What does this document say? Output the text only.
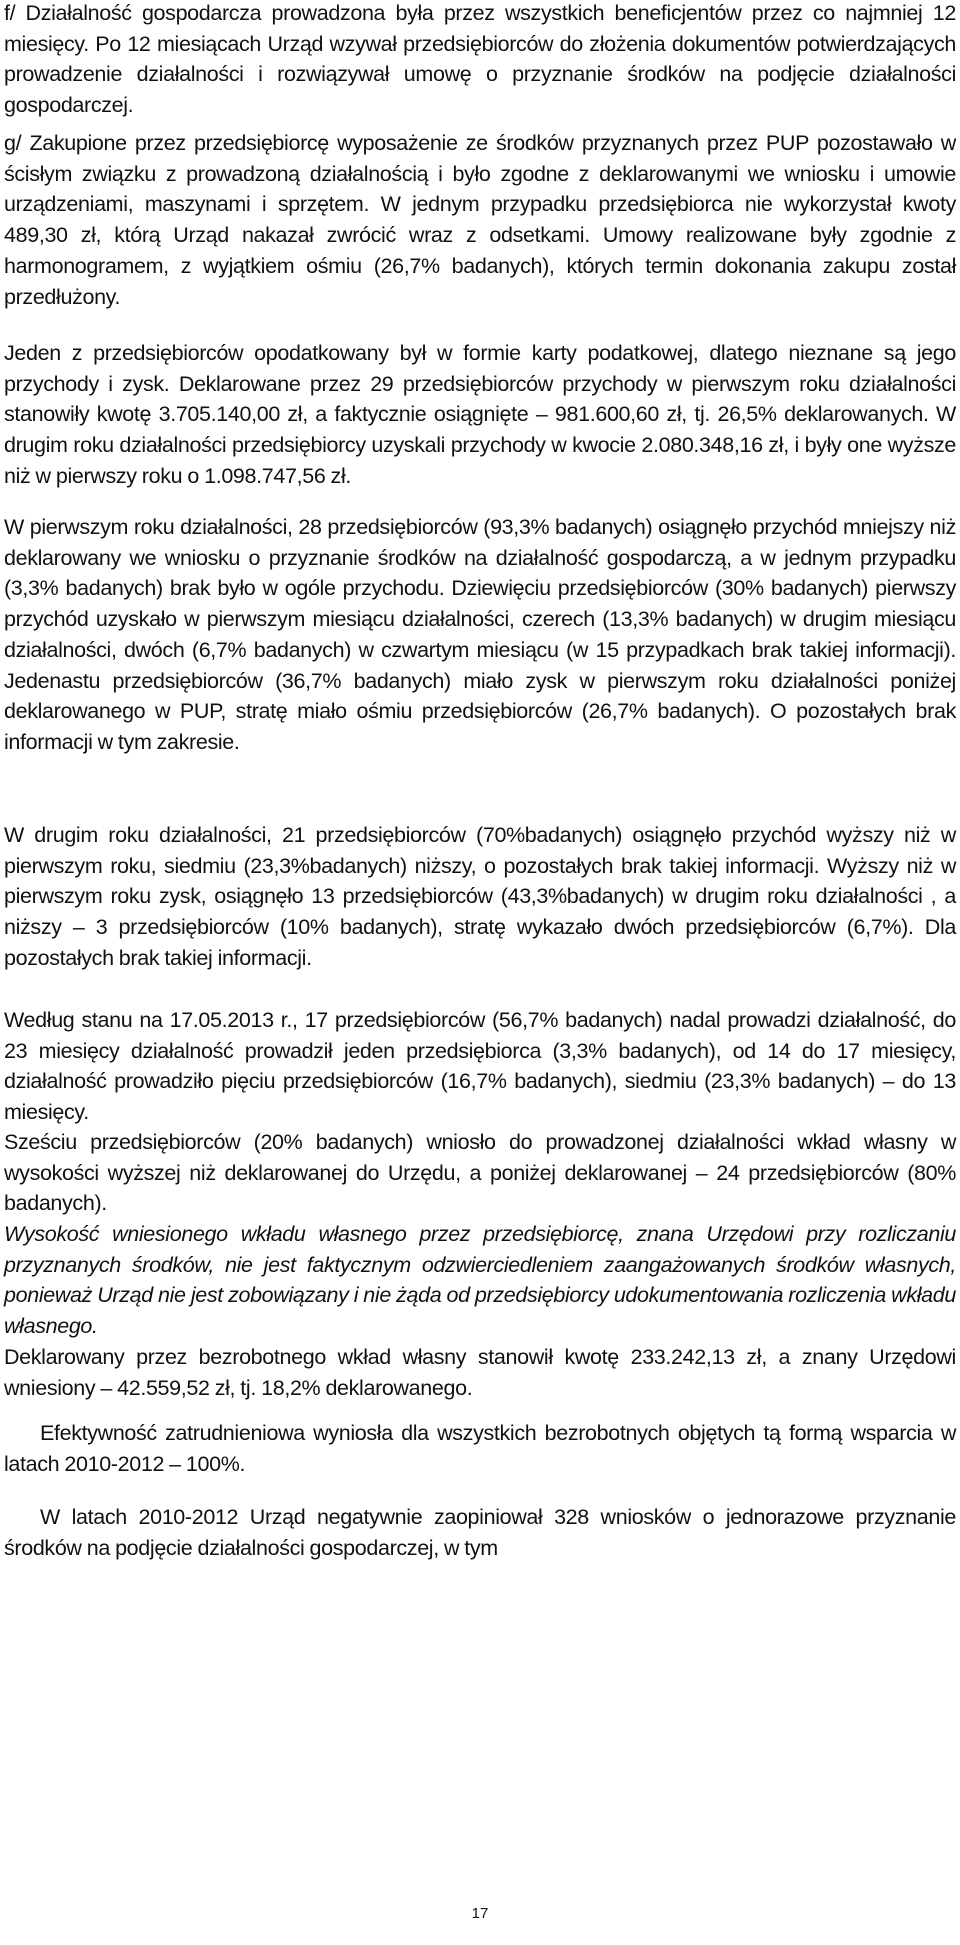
f/ Działalność gospodarcza prowadzona była przez wszystkich beneficjentów przez co najmniej 12 miesięcy. Po 12 miesiącach Urząd wzywał przedsiębiorców do złożenia dokumentów potwierdzających prowadzenie działalności i rozwiązywał umowę o przyznanie środków na podjęcie działalności gospodarczej.

g/ Zakupione przez przedsiębiorcę wyposażenie ze środków przyznanych przez PUP pozostawało w ścisłym związku z prowadzoną działalnością i było zgodne z deklarowanymi we wniosku i umowie urządzeniami, maszynami i sprzętem. W jednym przypadku przedsiębiorca nie wykorzystał kwoty 489,30 zł, którą Urząd nakazał zwrócić wraz z odsetkami. Umowy realizowane były zgodnie z harmonogramem, z wyjątkiem ośmiu (26,7% badanych), których termin dokonania zakupu został przedłużony.

Jeden z przedsiębiorców opodatkowany był w formie karty podatkowej, dlatego nieznane są jego przychody i zysk. Deklarowane przez 29 przedsiębiorców przychody w pierwszym roku działalności stanowiły kwotę 3.705.140,00 zł, a faktycznie osiągnięte – 981.600,60 zł, tj. 26,5% deklarowanych. W drugim roku działalności przedsiębiorcy uzyskali przychody w kwocie 2.080.348,16 zł, i były one wyższe niż w pierwszy roku o 1.098.747,56 zł.

W pierwszym roku działalności, 28 przedsiębiorców (93,3% badanych) osiągnęło przychód mniejszy niż deklarowany we wniosku o przyznanie środków na działalność gospodarczą, a w jednym przypadku (3,3% badanych) brak było w ogóle przychodu. Dziewięciu przedsiębiorców (30% badanych) pierwszy przychód uzyskało w pierwszym miesiącu działalności, czerech (13,3% badanych) w drugim miesiącu działalności, dwóch (6,7% badanych) w czwartym miesiącu (w 15 przypadkach brak takiej informacji). Jedenastu przedsiębiorców (36,7% badanych) miało zysk w pierwszym roku działalności poniżej deklarowanego w PUP, stratę miało ośmiu przedsiębiorców (26,7% badanych). O pozostałych brak informacji w tym zakresie.

W drugim roku działalności, 21 przedsiębiorców (70%badanych) osiągnęło przychód wyższy niż w pierwszym roku, siedmiu (23,3%badanych) niższy, o pozostałych brak takiej informacji. Wyższy niż w pierwszym roku zysk, osiągnęło 13 przedsiębiorców (43,3%badanych) w drugim roku działalności , a niższy – 3 przedsiębiorców (10% badanych), stratę wykazało dwóch przedsiębiorców (6,7%). Dla pozostałych brak takiej informacji.

Według stanu na 17.05.2013 r., 17 przedsiębiorców (56,7% badanych) nadal prowadzi działalność, do 23 miesięcy działalność prowadził jeden przedsiębiorca (3,3% badanych), od 14 do 17 miesięcy, działalność prowadziło pięciu przedsiębiorców (16,7% badanych), siedmiu (23,3% badanych) – do 13 miesięcy.

Sześciu przedsiębiorców (20% badanych) wniosło do prowadzonej działalności wkład własny w wysokości wyższej niż deklarowanej do Urzędu, a poniżej deklarowanej – 24 przedsiębiorców (80% badanych).

Wysokość wniesionego wkładu własnego przez przedsiębiorcę, znana Urzędowi przy rozliczaniu przyznanych środków, nie jest faktycznym odzwierciedleniem zaangażowanych środków własnych, ponieważ Urząd nie jest zobowiązany i nie żąda od przedsiębiorcy udokumentowania rozliczenia wkładu własnego.

Deklarowany przez bezrobotnego wkład własny stanowił kwotę 233.242,13 zł, a znany Urzędowi wniesiony – 42.559,52 zł, tj. 18,2% deklarowanego.

Efektywność zatrudnieniowa wyniosła dla wszystkich bezrobotnych objętych tą formą wsparcia w latach 2010-2012 – 100%.

W latach 2010-2012 Urząd negatywnie zaopiniował 328 wniosków o jednorazowe przyznanie środków na podjęcie działalności gospodarczej, w tym

17
